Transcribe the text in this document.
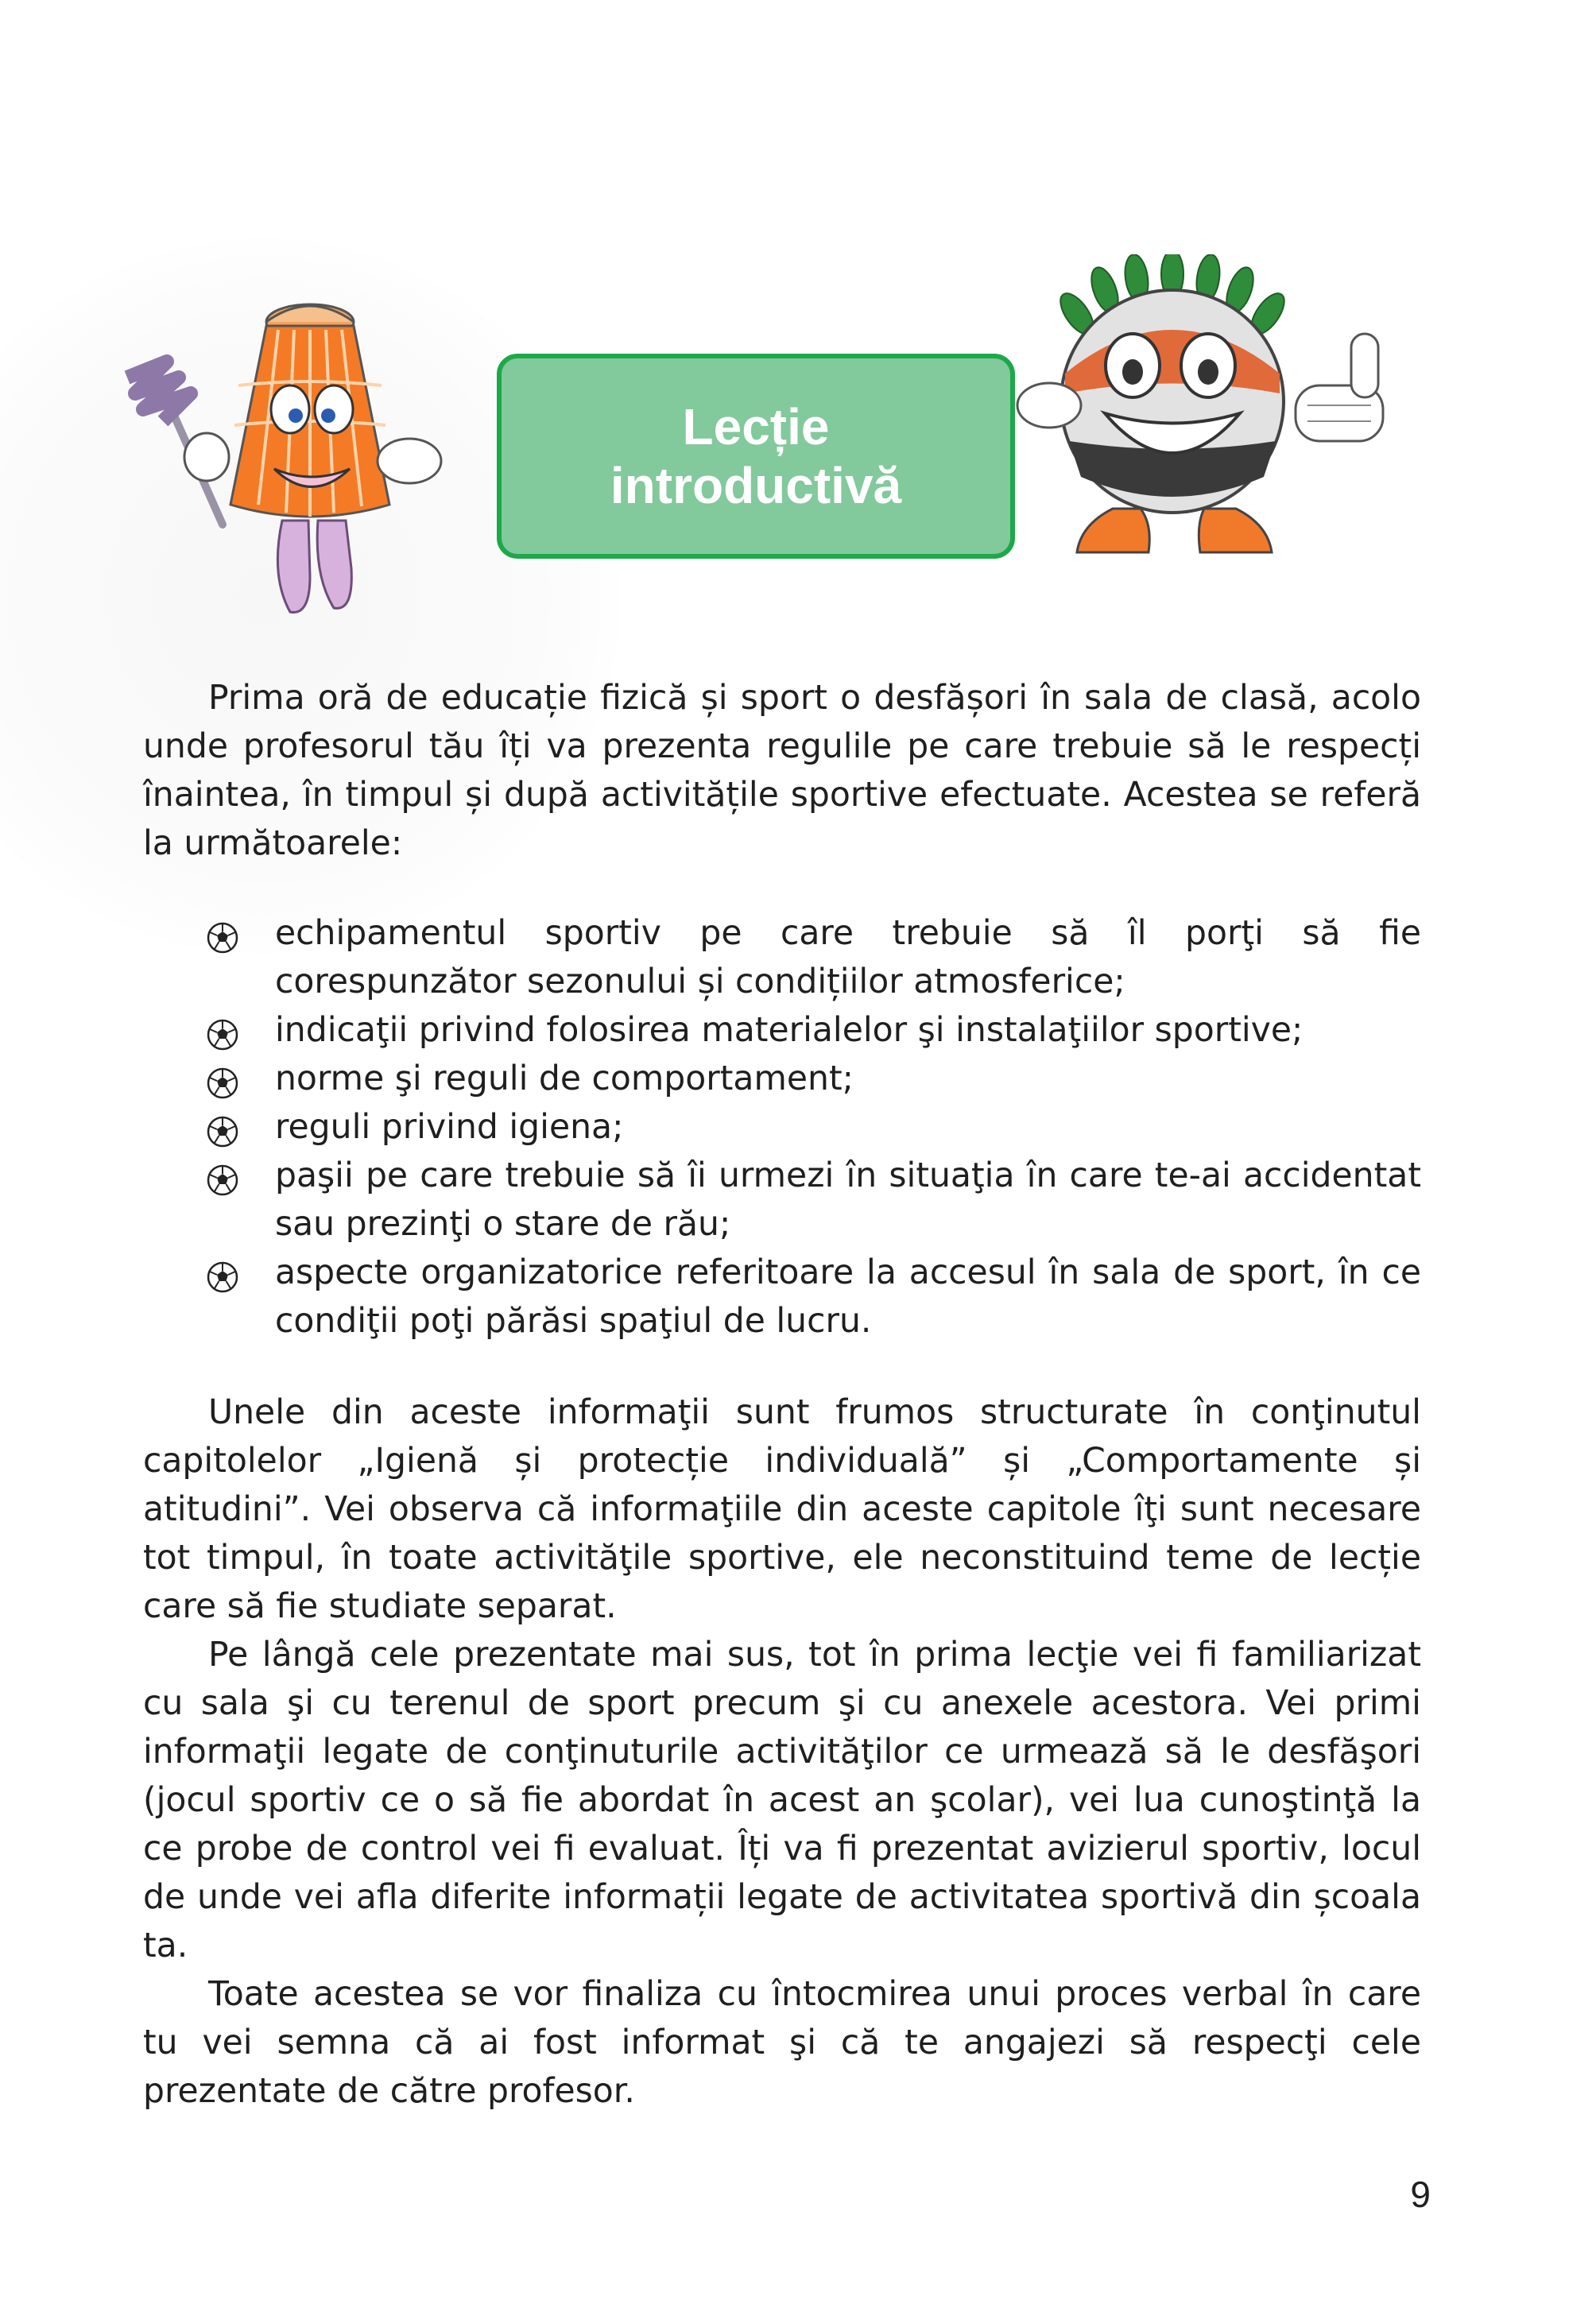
Lecție introductivă

Prima oră de educație fizică și sport o desfășori în sala de clasă, acolo unde profesorul tău îți va prezenta regulile pe care trebuie să le respecți înaintea, în timpul și după activitățile sportive efectuate. Acestea se referă la următoarele:

echipamentul sportiv pe care trebuie să îl porţi să fie corespunzător sezonului și condițiilor atmosferice;
indicaţii privind folosirea materialelor şi instalaţiilor sportive;
norme şi reguli de comportament;
reguli privind igiena;
paşii pe care trebuie să îi urmezi în situaţia în care te-ai accidentat sau prezinţi o stare de rău;
aspecte organizatorice referitoare la accesul în sala de sport, în ce condiţii poţi părăsi spaţiul de lucru.

Unele din aceste informaţii sunt frumos structurate în conţinutul capitolelor „Igienă și protecție individuală” și „Comportamente și atitudini”. Vei observa că informaţiile din aceste capitole îţi sunt necesare tot timpul, în toate activităţile sportive, ele neconstituind teme de lecție care să fie studiate separat.

Pe lângă cele prezentate mai sus, tot în prima lecţie vei fi familiarizat cu sala şi cu terenul de sport precum şi cu anexele acestora. Vei primi informaţii legate de conţinuturile activităţilor ce urmează să le desfăşori (jocul sportiv ce o să fie abordat în acest an şcolar), vei lua cunoştinţă la ce probe de control vei fi evaluat. Îți va fi prezentat avizierul sportiv, locul de unde vei afla diferite informații legate de activitatea sportivă din școala ta.

Toate acestea se vor finaliza cu întocmirea unui proces verbal în care tu vei semna că ai fost informat şi că te angajezi să respecţi cele prezentate de către profesor.

9
